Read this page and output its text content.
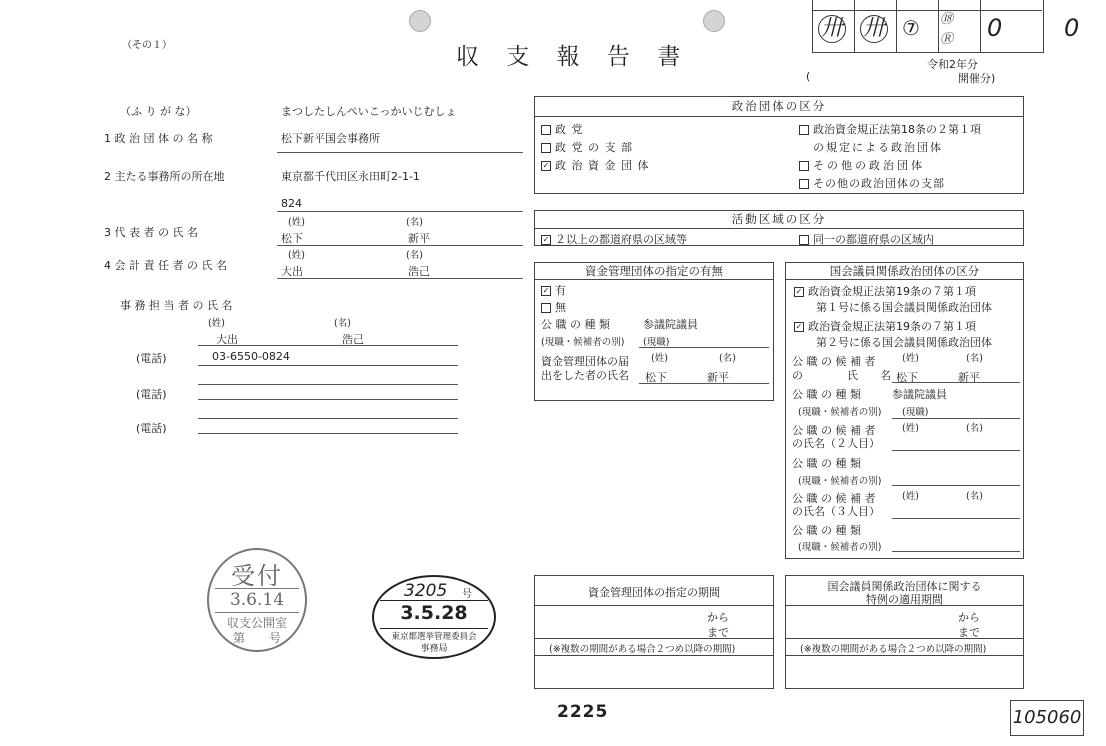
卅 卅 ⑦ ⑱
Ⓡ 0	0
（その１）	収 支 報 告 書	令和2年分
(	開催分)
（ふ り が な）	まつしたしんぺいこっかいじむしょ
1 政 治 団 体 の 名 称	松下新平国会事務所
2 主たる事務所の所在地	東京都千代田区永田町2-1-1
824
3 代 表 者 の 氏 名
(姓)	(名)
松下	新平
4 会 計 責 任 者 の 氏 名
(姓)	(名)
大出	浩己
事 務 担 当 者 の 氏 名
(姓)	(名)
大出	浩己
(電話)	03-6550-0824
(電話)
(電話)
政治団体の区分
政 党
政 党 の 支 部
✓ 政 治 資 金 団 体
政治資金規正法第18条の２第１項
の規定による政治団体
その他の政治団体
その他の政治団体の支部
活動区域の区分
✓ ２以上の都道府県の区域等	同一の都道府県の区域内
資金管理団体の指定の有無
✓ 有
無
公 職 の 種 類	参議院議員
(現職・候補者の別) (現職)
資金管理団体の届
出をした者の氏名
(姓)	(名)
松下	新平
国会議員関係政治団体の区分
✓ 政治資金規正法第19条の７第１項
第１号に係る国会議員関係政治団体
✓ 政治資金規正法第19条の７第１項
第２号に係る国会議員関係政治団体
公 職 の 候 補 者
の　　　　氏　　名
(姓)	(名)
松下	新平
公 職 の 種 類	参議院議員
(現職・候補者の別) (現職)
公 職 の 候 補 者
の氏名（２人目）
(姓)	(名)
公 職 の 種 類
(現職・候補者の別)
公 職 の 候 補 者
の氏名（３人目）
(姓)	(名)
公 職 の 種 類
(現職・候補者の別)
資金管理団体の指定の期間
から
まで
(※複数の期間がある場合２つめ以降の期間)
国会議員関係政治団体に関する
特例の適用期間
から
まで
(※複数の期間がある場合２つめ以降の期間)
受付
3.6.14
収支公開室
第　　号
3205 号
3.5.28
東京都選挙管理委員会
事務局
2225	105060
